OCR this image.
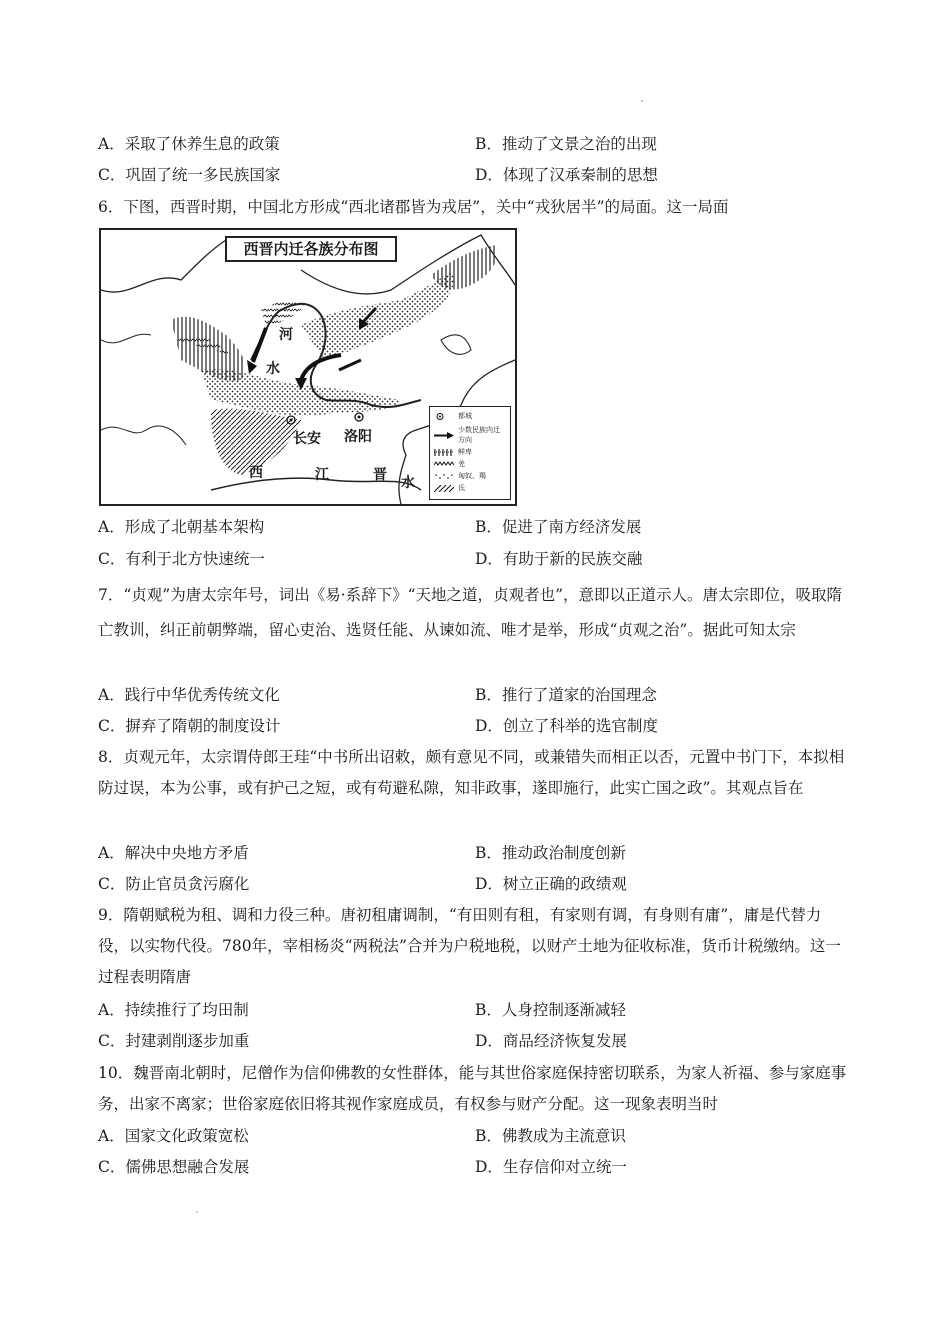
A．采取了休养生息的政策	B．推动了文景之治的出现
C．巩固了统一多民族国家	D．体现了汉承秦制的思想
6．下图，西晋时期，中国北方形成“西北诸郡皆为戎居”，关中“戎狄居半”的局面。这一局面
西晋内迁各族分布图
河
水
长安 洛阳
西	江	晋 水
都城
少数民族内迁方向
鲜卑
羌
匈奴、羯
氐
A．形成了北朝基本架构	B．促进了南方经济发展
C．有利于北方快速统一	D．有助于新的民族交融
7．“贞观”为唐太宗年号，词出《易·系辞下》“天地之道，贞观者也”，意即以正道示人。唐太宗即位，吸取隋亡教训，纠正前朝弊端，留心吏治、选贤任能、从谏如流、唯才是举，形成“贞观之治”。据此可知太宗
A．践行中华优秀传统文化	B．推行了道家的治国理念
C．摒弃了隋朝的制度设计	D．创立了科举的选官制度
8．贞观元年，太宗谓侍郎王珪“中书所出诏敕，颇有意见不同，或兼错失而相正以否，元置中书门下，本拟相防过误，本为公事，或有护己之短，或有苟避私隙，知非政事，遂即施行，此实亡国之政”。其观点旨在
A．解决中央地方矛盾	B．推动政治制度创新
C．防止官员贪污腐化	D．树立正确的政绩观
9．隋朝赋税为租、调和力役三种。唐初租庸调制，“有田则有租，有家则有调，有身则有庸”，庸是代替力役，以实物代役。780年，宰相杨炎“两税法”合并为户税地税，以财产土地为征收标准，货币计税缴纳。这一过程表明隋唐
A．持续推行了均田制	B．人身控制逐渐减轻
C．封建剥削逐步加重	D．商品经济恢复发展
10．魏晋南北朝时，尼僧作为信仰佛教的女性群体，能与其世俗家庭保持密切联系，为家人祈福、参与家庭事务，出家不离家；世俗家庭依旧将其视作家庭成员，有权参与财产分配。这一现象表明当时
A．国家文化政策宽松	B．佛教成为主流意识
C．儒佛思想融合发展	D．生存信仰对立统一
